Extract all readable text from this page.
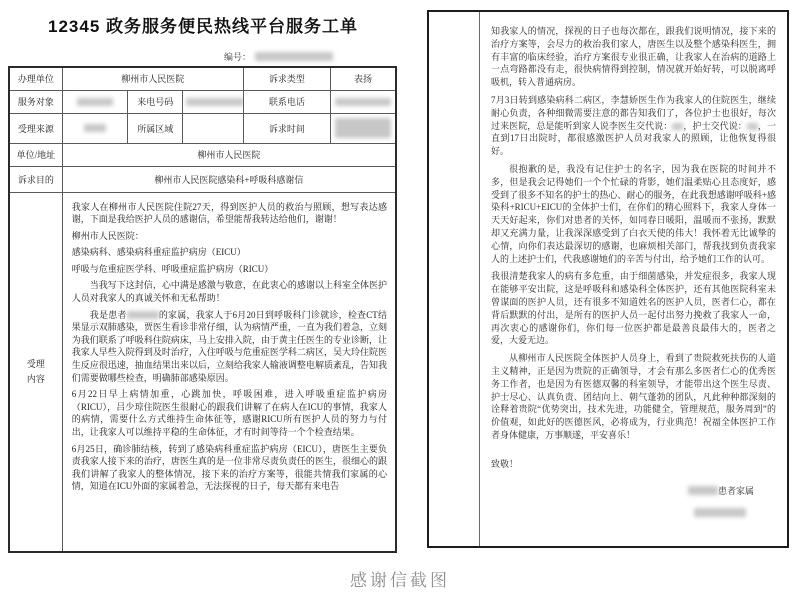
12345 政务服务便民热线平台服务工单
编号：
办理单位	柳州市人民医院			诉求类型	表扬
服务对象		来电号码		联系电话	
受理来源		所属区域		诉求时间	
单位/地址	柳州市人民医院				
诉求目的	柳州市人民医院感染科+呼吸科感谢信				

受理
内容

我家人在柳州市人民医院住院27天，得到医护人员的救治与照顾，想写表达感谢，下面是我给医护人员的感谢信，希望能帮我转达给他们，谢谢！

柳州市人民医院：

感染病科、感染病科重症监护病房（EICU）

呼吸与危重症医学科、呼吸重症监护病房（RICU）

当我写下这封信，心中满是感激与敬意，在此衷心的感谢以上科室全体医护人员对我家人的真诚关怀和无私帮助！

我是患者	的家属，我家人于6月20日到呼吸科门诊就诊，检查CT结果显示双肺感染，贾医生看诊非常仔细，认为病情严重，一直为我们着急，立刻为我们联系了呼吸科住院病床，马上安排入院，由于黄主任医生的专业诊断，让我家人早些入院得到及时治疗，入住呼吸与危重症医学科二病区，吴大玲住院医生反应很迅速，抽血结果出来以后，立刻给我家人输液调整电解质紊乱，告知我们需要做哪些检查，明确肺部感染原因。

6月22日早上病情加重，心跳加快，呼吸困难，进入呼吸重症监护病房（RICU），吕少琼住院医生很耐心的跟我们讲解了在病人在ICU的事情，我家人的病情，需要什么方式维持生命体征等，感谢RICU所有医护人员的努力与付出，让我家人可以维持平稳的生命体征，才有时间等待一个个检查结果。

6月25日，确诊肺结核，转到了感染病科重症监护病房（EICU），唐医生主要负责我家人接下来的治疗，唐医生真的是一位非常尽责负责任的医生，很细心的跟我们讲解了我家人的整体情况，接下来的治疗方案等，很能共情我们家属的心情，知道在ICU外面的家属着急，无法探视的日子，每天都有来电告

知我家人的情况，探视的日子也每次都在，跟我们说明情况，接下来的治疗方案等，会尽力的救治我们家人，唐医生以及整个感染科医生，拥有丰富的临床经验，治疗方案很专业很正确，让我家人在治病的道路上一点弯路都没有走，很快病情得到控制，情况就开始好转，可以脱离呼吸机，转入普通病房。

7月3日转到感染病科二病区，李慧娇医生作为我家人的住院医生，继续耐心负责，各种细微需要注意的都告知我们了，各位护士也很好，每次过来医院，总是能听到家人说李医生交代说： ，护士交代说： ，一直到17日出院时，都很感激医护人员对我家人的照顾，让他恢复得很好。

很抱歉的是，我没有记住护士的名字，因为我在医院的时间并不多，但是我会记得她们一个个忙碌的背影，她们温柔贴心且态度好，感受到了很多不知名的护士的热心、耐心的服务，在此我想感谢呼吸科+感染科+RICU+EICU的全体护士们，在你们的精心照料下，我家人身体一天天好起来，你们对患者的关怀，如同春日暖阳，温暖而不张扬，默默却又充满力量，让我深深感受到了白衣天使的伟大！我怀着无比诚挚的心情，向你们表达最深切的感谢，也麻烦相关部门，帮我找到负责我家人的上述护士们，代我感谢她们的辛苦与付出，给予她们工作的认可。

我很清楚我家人的病有多危重，由于细菌感染，并发症很多，我家人现在能够平安出院，这是呼吸科和感染科全体医护，还有其他医院科室未曾谋面的医护人员，还有很多不知道姓名的医护人员，医者仁心，都在背后默默的付出，是所有的医护人员一起付出努力挽救了我家人一命，再次衷心的感谢你们，你们每一位医护都是最善良最伟大的，医者之爱，大爱无边。

从柳州市人民医院全体医护人员身上，看到了贵院救死扶伤的人道主义精神，正是因为贵院的正确领导，才会有那么多医者仁心的优秀医务工作者，也是因为有医德双馨的科室领导，才能带出这个医生尽责、护士尽心、认真负责、团结向上、朝气蓬勃的团队，凡此种种都深刻的诠释着贵院“优势突出，技术先进，功能健全，管理规范，服务周到”的价值观，如此好的医德医风，必将成为，行业典范！祝福全体医护工作者身体健康，万事顺遂，平安喜乐！

致敬！

患者家属
感谢信截图
